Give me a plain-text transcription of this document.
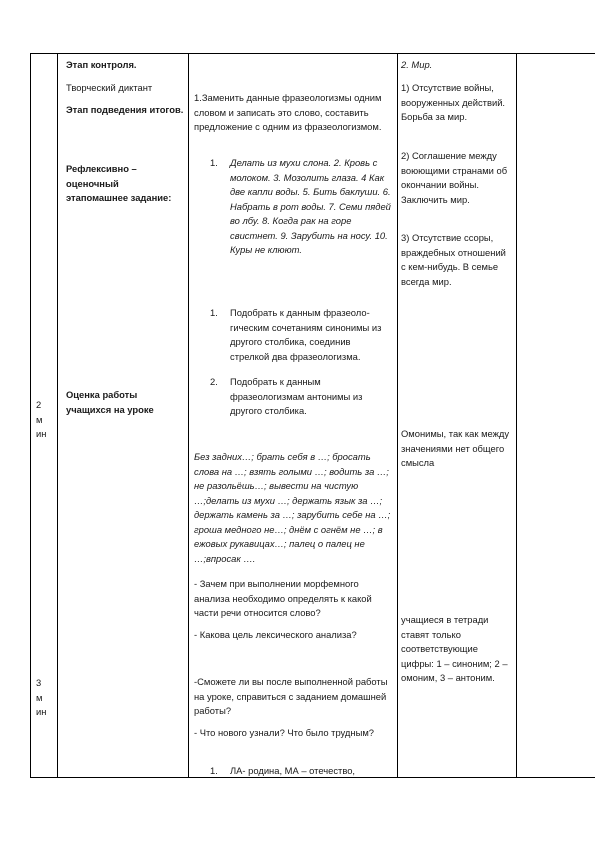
2

м

ин

3

м

ин

Этап контроля.
Творческий диктант
Этап подведения итогов.
Рефлексивно – оценочный этапомашнее задание:
Оценка работы учащихся на уроке
1.Заменить данные фразеологизмы одним словом и записать это слово, составить предложение с одним из фразеологизмом.
1. Делать из мухи слона. 2. Кровь с молоком. 3. Мозолить глаза. 4 Как две капли воды. 5. Бить баклуши. 6. Набрать в рот воды. 7. Семи пядей во лбу. 8. Когда рак на горе свистнет. 9. Зарубить на носу. 10. Куры не клюют.
1. Подобрать к данным фразеоло-гическим сочетаниям синонимы из другого столбика, соединив стрелкой два фразеологизма.
2. Подобрать к данным фразеологизмам антонимы из другого столбика.
Без задних…; брать себя в …; бросать слова на …; взять голыми …; водить за …; не разольёшь…; вывести на чистую …;делать из мухи …; держать язык за …; держать камень за …; зарубить себе на …; гроша медного не…; днём с огнём не …; в ежовых рукавицах…; палец о палец не …;впросак ….
- Зачем при выполнении морфемного анализа необходимо определять к какой части речи относится слово?
- Какова цель лексического анализа?
-Сможете ли вы после выполненной работы на уроке, справиться с заданием домашней работы?
- Что нового узнали? Что было трудным?
1. ЛА- родина, МА – отечество,
2. Мир.
1) Отсутствие войны, вооруженных действий. Борьба за мир.
2) Соглашение между воюющими странами об окончании войны. Заключить мир.
3) Отсутствие ссоры, враждебных отношений с кем-нибудь. В семье всегда мир.
Омонимы, так как между значениями нет общего смысла
учащиеся в тетради ставят только соответствующие цифры: 1 – синоним; 2 – омоним, 3 – антоним.
